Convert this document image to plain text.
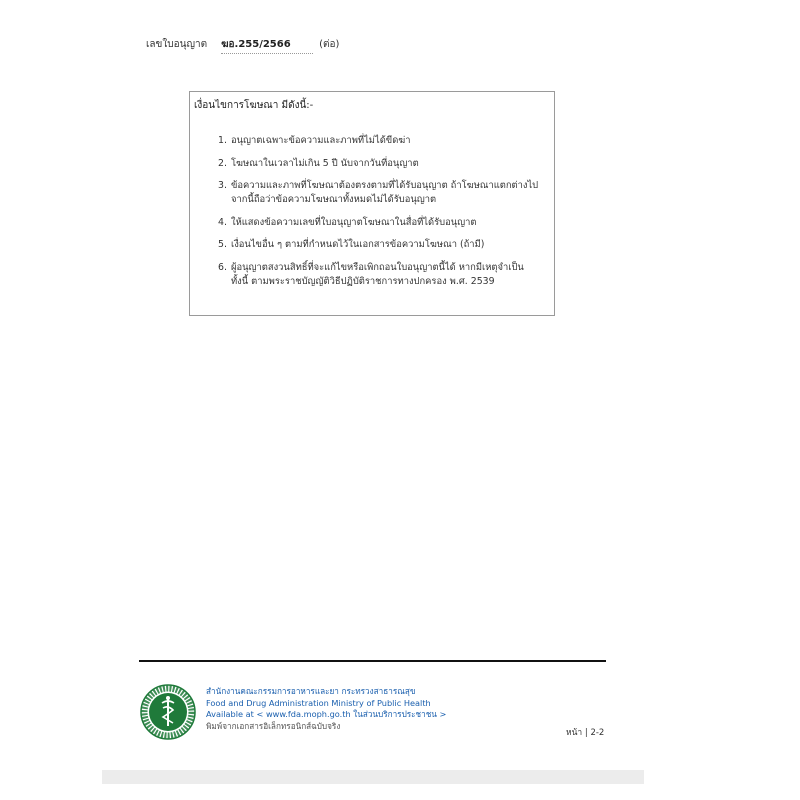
เลขใบอนุญาต ฆอ.255/2566	(ต่อ)

เงื่อนไขการโฆษณา มีดังนี้:-

1. อนุญาตเฉพาะข้อความและภาพที่ไม่ได้ขีดฆ่า
2. โฆษณาในเวลาไม่เกิน 5 ปี นับจากวันที่อนุญาต
3. ข้อความและภาพที่โฆษณาต้องตรงตามที่ได้รับอนุญาต ถ้าโฆษณาแตกต่างไป
จากนี้ถือว่าข้อความโฆษณาทั้งหมดไม่ได้รับอนุญาต
4. ให้แสดงข้อความเลขที่ใบอนุญาตโฆษณาในสื่อที่ได้รับอนุญาต
5. เงื่อนไขอื่น ๆ ตามที่กำหนดไว้ในเอกสารข้อความโฆษณา (ถ้ามี)
6. ผู้อนุญาตสงวนสิทธิ์ที่จะแก้ไขหรือเพิกถอนใบอนุญาตนี้ได้ หากมีเหตุจำเป็น
ทั้งนี้ ตามพระราชบัญญัติวิธีปฏิบัติราชการทางปกครอง พ.ศ. 2539
สำนักงานคณะกรรมการอาหารและยา กระทรวงสาธารณสุข
Food and Drug Administration Ministry of Public Health
Available at < www.fda.moph.go.th ในส่วนบริการประชาชน >
พิมพ์จากเอกสารอิเล็กทรอนิกส์ฉบับจริง
หน้า | 2-2
